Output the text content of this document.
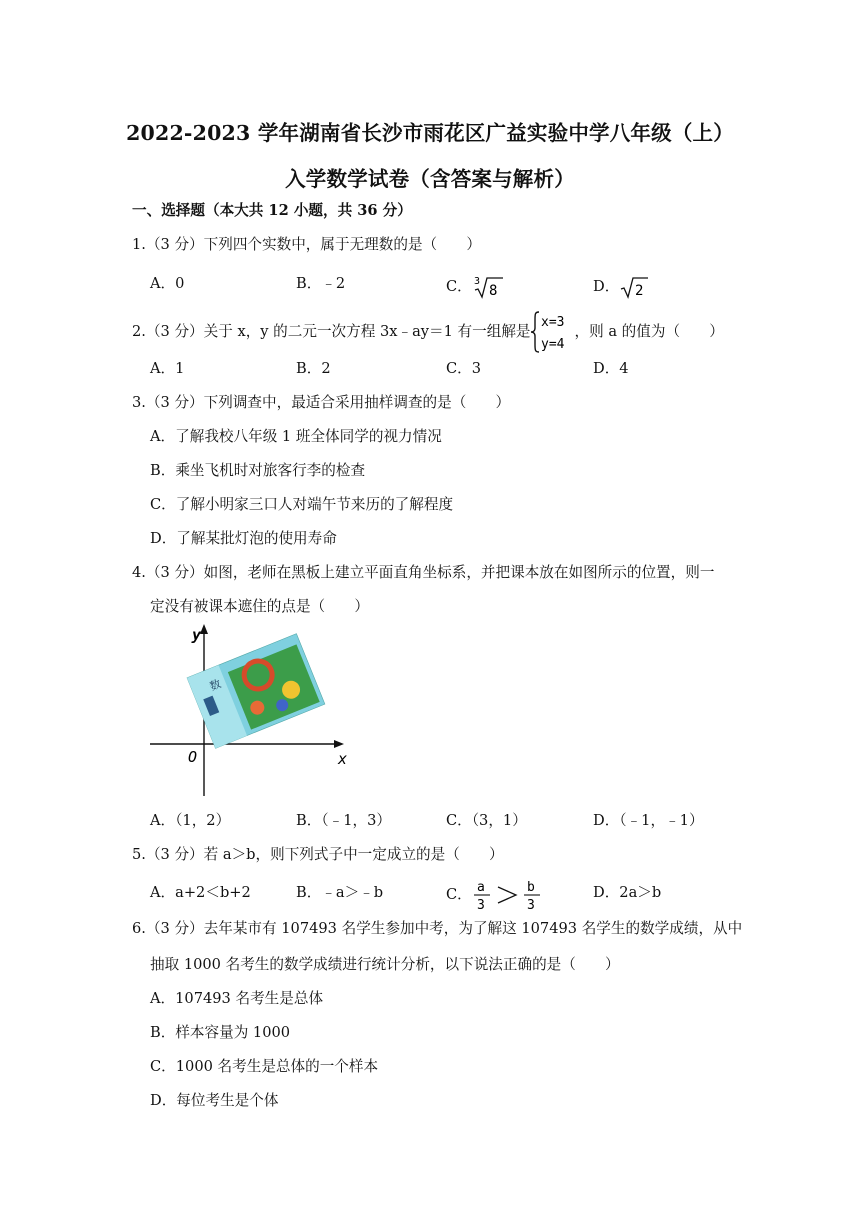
2022-2023 学年湖南省长沙市雨花区广益实验中学八年级（上）
入学数学试卷（含答案与解析）
一、选择题（本大共 12 小题，共 36 分）
1.（3 分）下列四个实数中，属于无理数的是（　　）
A．0	B．﹣2	C． 3
8	D． 2
2.（3 分）关于 x，y 的二元一次方程 3x﹣ay＝1 有一组解是
x=3
y=4
，则 a 的值为（　　）
A．1	B．2	C．3	D．4
3.（3 分）下列调查中，最适合采用抽样调查的是（　　）
A．了解我校八年级 1 班全体同学的视力情况
B．乘坐飞机时对旅客行李的检查
C．了解小明家三口人对端午节来历的了解程度
D．了解某批灯泡的使用寿命
4.（3 分）如图，老师在黑板上建立平面直角坐标系，并把课本放在如图所示的位置，则一
定没有被课本遮住的点是（　　）
数
y
x
O
A．（1，2）	B．（﹣1，3）	C．（3，1）	D．（﹣1，﹣1）
5.（3 分）若 a＞b，则下列式子中一定成立的是（　　）
A．a+2＜b+2	B．﹣a＞﹣b	C． a
3
b
3
D．2a＞b
6.（3 分）去年某市有 107493 名学生参加中考，为了解这 107493 名学生的数学成绩，从中
抽取 1000 名考生的数学成绩进行统计分析，以下说法正确的是（　　）
A．107493 名考生是总体
B．样本容量为 1000
C．1000 名考生是总体的一个样本
D．每位考生是个体
